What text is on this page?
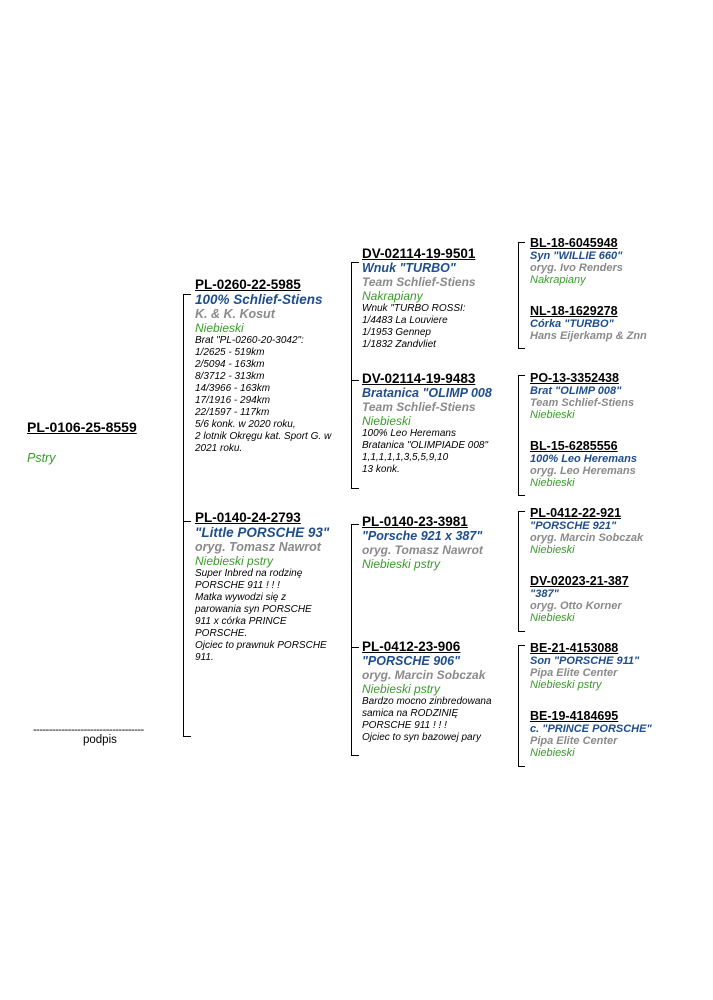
PL-0106-25-8559
Pstry
-----------------------------------
podpis
PL-0260-22-5985
100% Schlief-Stiens
K. & K. Kosut
Niebieski
Brat "PL-0260-20-3042":
1/2625 - 519km
2/5094 - 163km
8/3712 - 313km
14/3966 - 163km
17/1916 - 294km
22/1597 - 117km
5/6 konk. w 2020 roku,
2 lotnik Okręgu kat. Sport G. w
2021 roku.
PL-0140-24-2793
"Little PORSCHE 93"
oryg. Tomasz Nawrot
Niebieski pstry
Super Inbred na rodzinę
PORSCHE 911 ! ! !
Matka wywodzi się z
parowania syn PORSCHE
911 x córka PRINCE
PORSCHE.
Ojciec to prawnuk PORSCHE
911.
DV-02114-19-9501
Wnuk "TURBO"
Team Schlief-Stiens
Nakrapiany
Wnuk "TURBO ROSSI:
1/4483 La Louviere
1/1953 Gennep
1/1832 Zandvliet
DV-02114-19-9483
Bratanica "OLIMP 008
Team Schlief-Stiens
Niebieski
100% Leo Heremans
Bratanica "OLIMPIADE 008"
1,1,1,1,1,3,5,5,9,10
13 konk.
PL-0140-23-3981
"Porsche 921 x 387"
oryg. Tomasz Nawrot
Niebieski pstry
PL-0412-23-906
"PORSCHE 906"
oryg. Marcin Sobczak
Niebieski pstry
Bardzo mocno zinbredowana
samica na RODZINIĘ
PORSCHE 911 ! ! !
Ojciec to syn bazowej pary
BL-18-6045948
Syn "WILLIE 660"
oryg. Ivo Renders
Nakrapiany
NL-18-1629278
Córka "TURBO"
Hans Eijerkamp & Znn
PO-13-3352438
Brat "OLIMP 008"
Team Schlief-Stiens
Niebieski
BL-15-6285556
100% Leo Heremans
oryg. Leo Heremans
Niebieski
PL-0412-22-921
"PORSCHE 921"
oryg. Marcin Sobczak
Niebieski
DV-02023-21-387
"387"
oryg. Otto Korner
Niebieski
BE-21-4153088
Son "PORSCHE 911"
Pipa Elite Center
Niebieski pstry
BE-19-4184695
c. "PRINCE PORSCHE"
Pipa Elite Center
Niebieski
